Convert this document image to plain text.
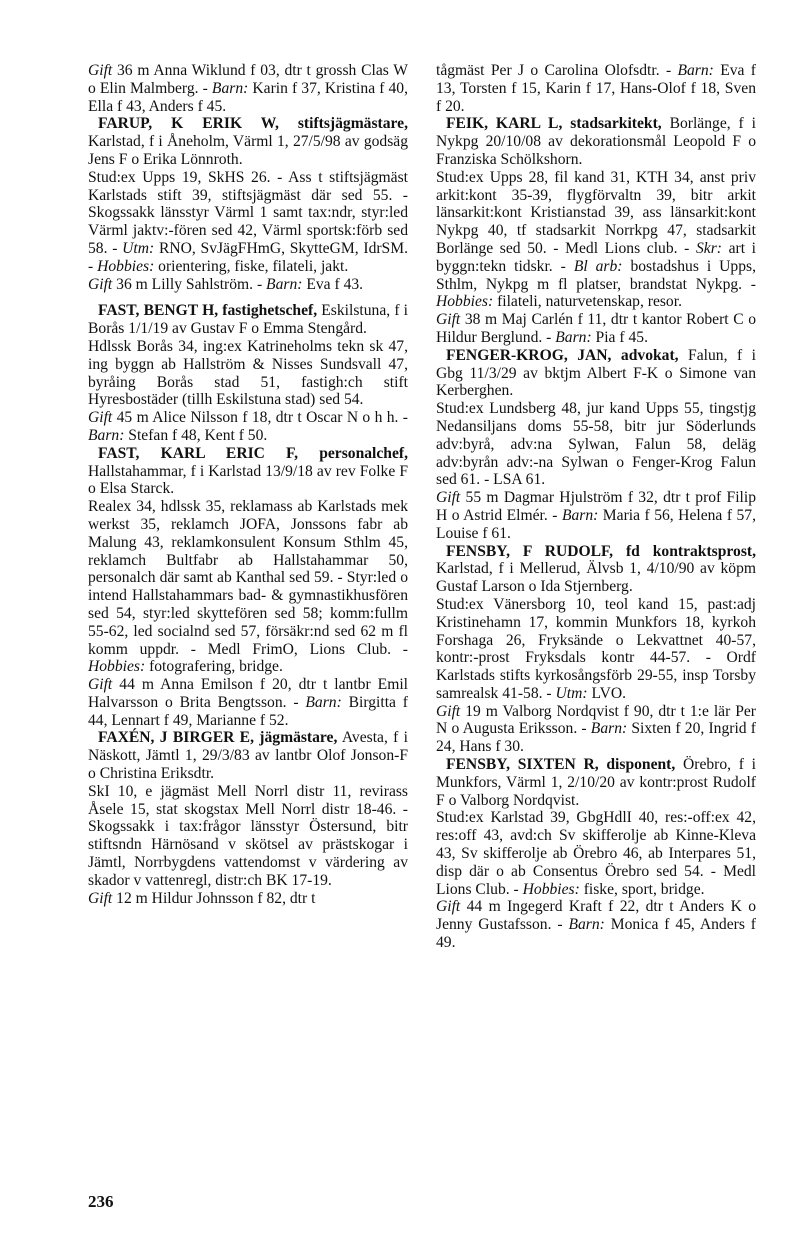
Gift 36 m Anna Wiklund f 03, dtr t grossh Clas W o Elin Malmberg. - Barn: Karin f 37, Kristina f 40, Ella f 43, Anders f 45.

FARUP, K ERIK W, stiftsjägmästare, Karlstad, f i Åneholm, Värml 1, 27/5/98 av godsäg Jens F o Erika Lönnroth.

Stud:ex Upps 19, SkHS 26. - Ass t stiftsjägmäst Karlstads stift 39, stiftsjägmäst där sed 55. - Skogssakk länsstyr Värml 1 samt tax:ndr, styr:led Värml jaktv:-fören sed 42, Värml sportsk:förb sed 58. - Utm: RNO, SvJägFHmG, SkytteGM, IdrSM. - Hobbies: orientering, fiske, filateli, jakt.

Gift 36 m Lilly Sahlström. - Barn: Eva f 43.

FAST, BENGT H, fastighetschef, Eskilstuna, f i Borås 1/1/19 av Gustav F o Emma Stengård.

Hdlssk Borås 34, ing:ex Katrineholms tekn sk 47, ing byggn ab Hallström & Nisses Sundsvall 47, byråing Borås stad 51, fastigh:ch stift Hyresbostäder (tillh Eskilstuna stad) sed 54.

Gift 45 m Alice Nilsson f 18, dtr t Oscar N o h h. - Barn: Stefan f 48, Kent f 50.

FAST, KARL ERIC F, personalchef, Hallstahammar, f i Karlstad 13/9/18 av rev Folke F o Elsa Starck.

Realex 34, hdlssk 35, reklamass ab Karlstads mek werkst 35, reklamch JOFA, Jonssons fabr ab Malung 43, reklamkonsulent Konsum Sthlm 45, reklamch Bultfabr ab Hallstahammar 50, personalch där samt ab Kanthal sed 59. - Styr:led o intend Hallstahammars bad- & gymnastikhusfören sed 54, styr:led skyttefören sed 58; komm:fullm 55-62, led socialnd sed 57, försäkr:nd sed 62 m fl komm uppdr. - Medl FrimO, Lions Club. - Hobbies: fotografering, bridge.

Gift 44 m Anna Emilson f 20, dtr t lantbr Emil Halvarsson o Brita Bengtsson. - Barn: Birgitta f 44, Lennart f 49, Marianne f 52.

FAXÉN, J BIRGER E, jägmästare, Avesta, f i Näskott, Jämtl 1, 29/3/83 av lantbr Olof Jonson-F o Christina Eriksdtr.

SkI 10, e jägmäst Mell Norrl distr 11, revirass Åsele 15, stat skogstax Mell Norrl distr 18-46. - Skogssakk i tax:frågor länsstyr Östersund, bitr stiftsndn Härnösand v skötsel av prästskogar i Jämtl, Norrbygdens vattendomst v värdering av skador v vattenregl, distr:ch BK 17-19.

Gift 12 m Hildur Johnsson f 82, dtr t

tågmäst Per J o Carolina Olofsdtr. - Barn: Eva f 13, Torsten f 15, Karin f 17, Hans-Olof f 18, Sven f 20.

FEIK, KARL L, stadsarkitekt, Borlänge, f i Nykpg 20/10/08 av dekorationsmål Leopold F o Franziska Schölkshorn.

Stud:ex Upps 28, fil kand 31, KTH 34, anst priv arkit:kont 35-39, flygförvaltn 39, bitr arkit länsarkit:kont Kristianstad 39, ass länsarkit:kont Nykpg 40, tf stadsarkit Norrkpg 47, stadsarkit Borlänge sed 50. - Medl Lions club. - Skr: art i byggn:tekn tidskr. - Bl arb: bostadshus i Upps, Sthlm, Nykpg m fl platser, brandstat Nykpg. - Hobbies: filateli, naturvetenskap, resor.

Gift 38 m Maj Carlén f 11, dtr t kantor Robert C o Hildur Berglund. - Barn: Pia f 45.

FENGER-KROG, JAN, advokat, Falun, f i Gbg 11/3/29 av bktjm Albert F-K o Simone van Kerberghen.

Stud:ex Lundsberg 48, jur kand Upps 55, tingstjg Nedansiljans doms 55-58, bitr jur Söderlunds adv:byrå, adv:na Sylwan, Falun 58, deläg adv:byrån adv:-na Sylwan o Fenger-Krog Falun sed 61. - LSA 61.

Gift 55 m Dagmar Hjulström f 32, dtr t prof Filip H o Astrid Elmér. - Barn: Maria f 56, Helena f 57, Louise f 61.

FENSBY, F RUDOLF, fd kontraktsprost, Karlstad, f i Mellerud, Älvsb 1, 4/10/90 av köpm Gustaf Larson o Ida Stjernberg.

Stud:ex Vänersborg 10, teol kand 15, past:adj Kristinehamn 17, kommin Munkfors 18, kyrkoh Forshaga 26, Fryksände o Lekvattnet 40-57, kontr:-prost Fryksdals kontr 44-57. - Ordf Karlstads stifts kyrkosångsförb 29-55, insp Torsby samrealsk 41-58. - Utm: LVO.

Gift 19 m Valborg Nordqvist f 90, dtr t 1:e lär Per N o Augusta Eriksson. - Barn: Sixten f 20, Ingrid f 24, Hans f 30.

FENSBY, SIXTEN R, disponent, Örebro, f i Munkfors, Värml 1, 2/10/20 av kontr:prost Rudolf F o Valborg Nordqvist.

Stud:ex Karlstad 39, GbgHdlI 40, res:-off:ex 42, res:off 43, avd:ch Sv skifferolje ab Kinne-Kleva 43, Sv skifferolje ab Örebro 46, ab Interpares 51, disp där o ab Consentus Örebro sed 54. - Medl Lions Club. - Hobbies: fiske, sport, bridge.

Gift 44 m Ingegerd Kraft f 22, dtr t Anders K o Jenny Gustafsson. - Barn: Monica f 45, Anders f 49.

236
